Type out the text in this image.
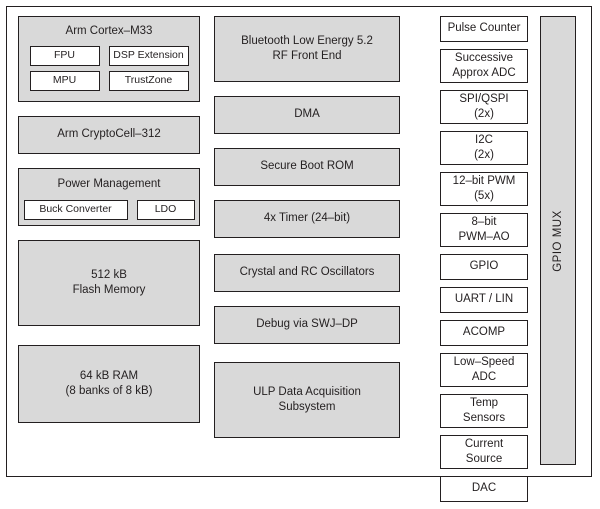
Arm Cortex–M33
FPU	DSP Extension
MPU	TrustZone
Arm CryptoCell–312
Power Management
Buck Converter	LDO
512 kB
Flash Memory
64 kB RAM
(8 banks of 8 kB)
Bluetooth Low Energy 5.2
RF Front End
DMA
Secure Boot ROM
4x Timer (24–bit)
Crystal and RC Oscillators
Debug via SWJ–DP
ULP Data Acquisition
Subsystem
Pulse Counter
Successive
Approx ADC
SPI/QSPI
(2x)
I2C
(2x)
12–bit PWM
(5x)
8–bit
PWM–AO
GPIO
UART / LIN
ACOMP
Low–Speed
ADC
Temp
Sensors
Current
Source
DAC
GPIO MUX
